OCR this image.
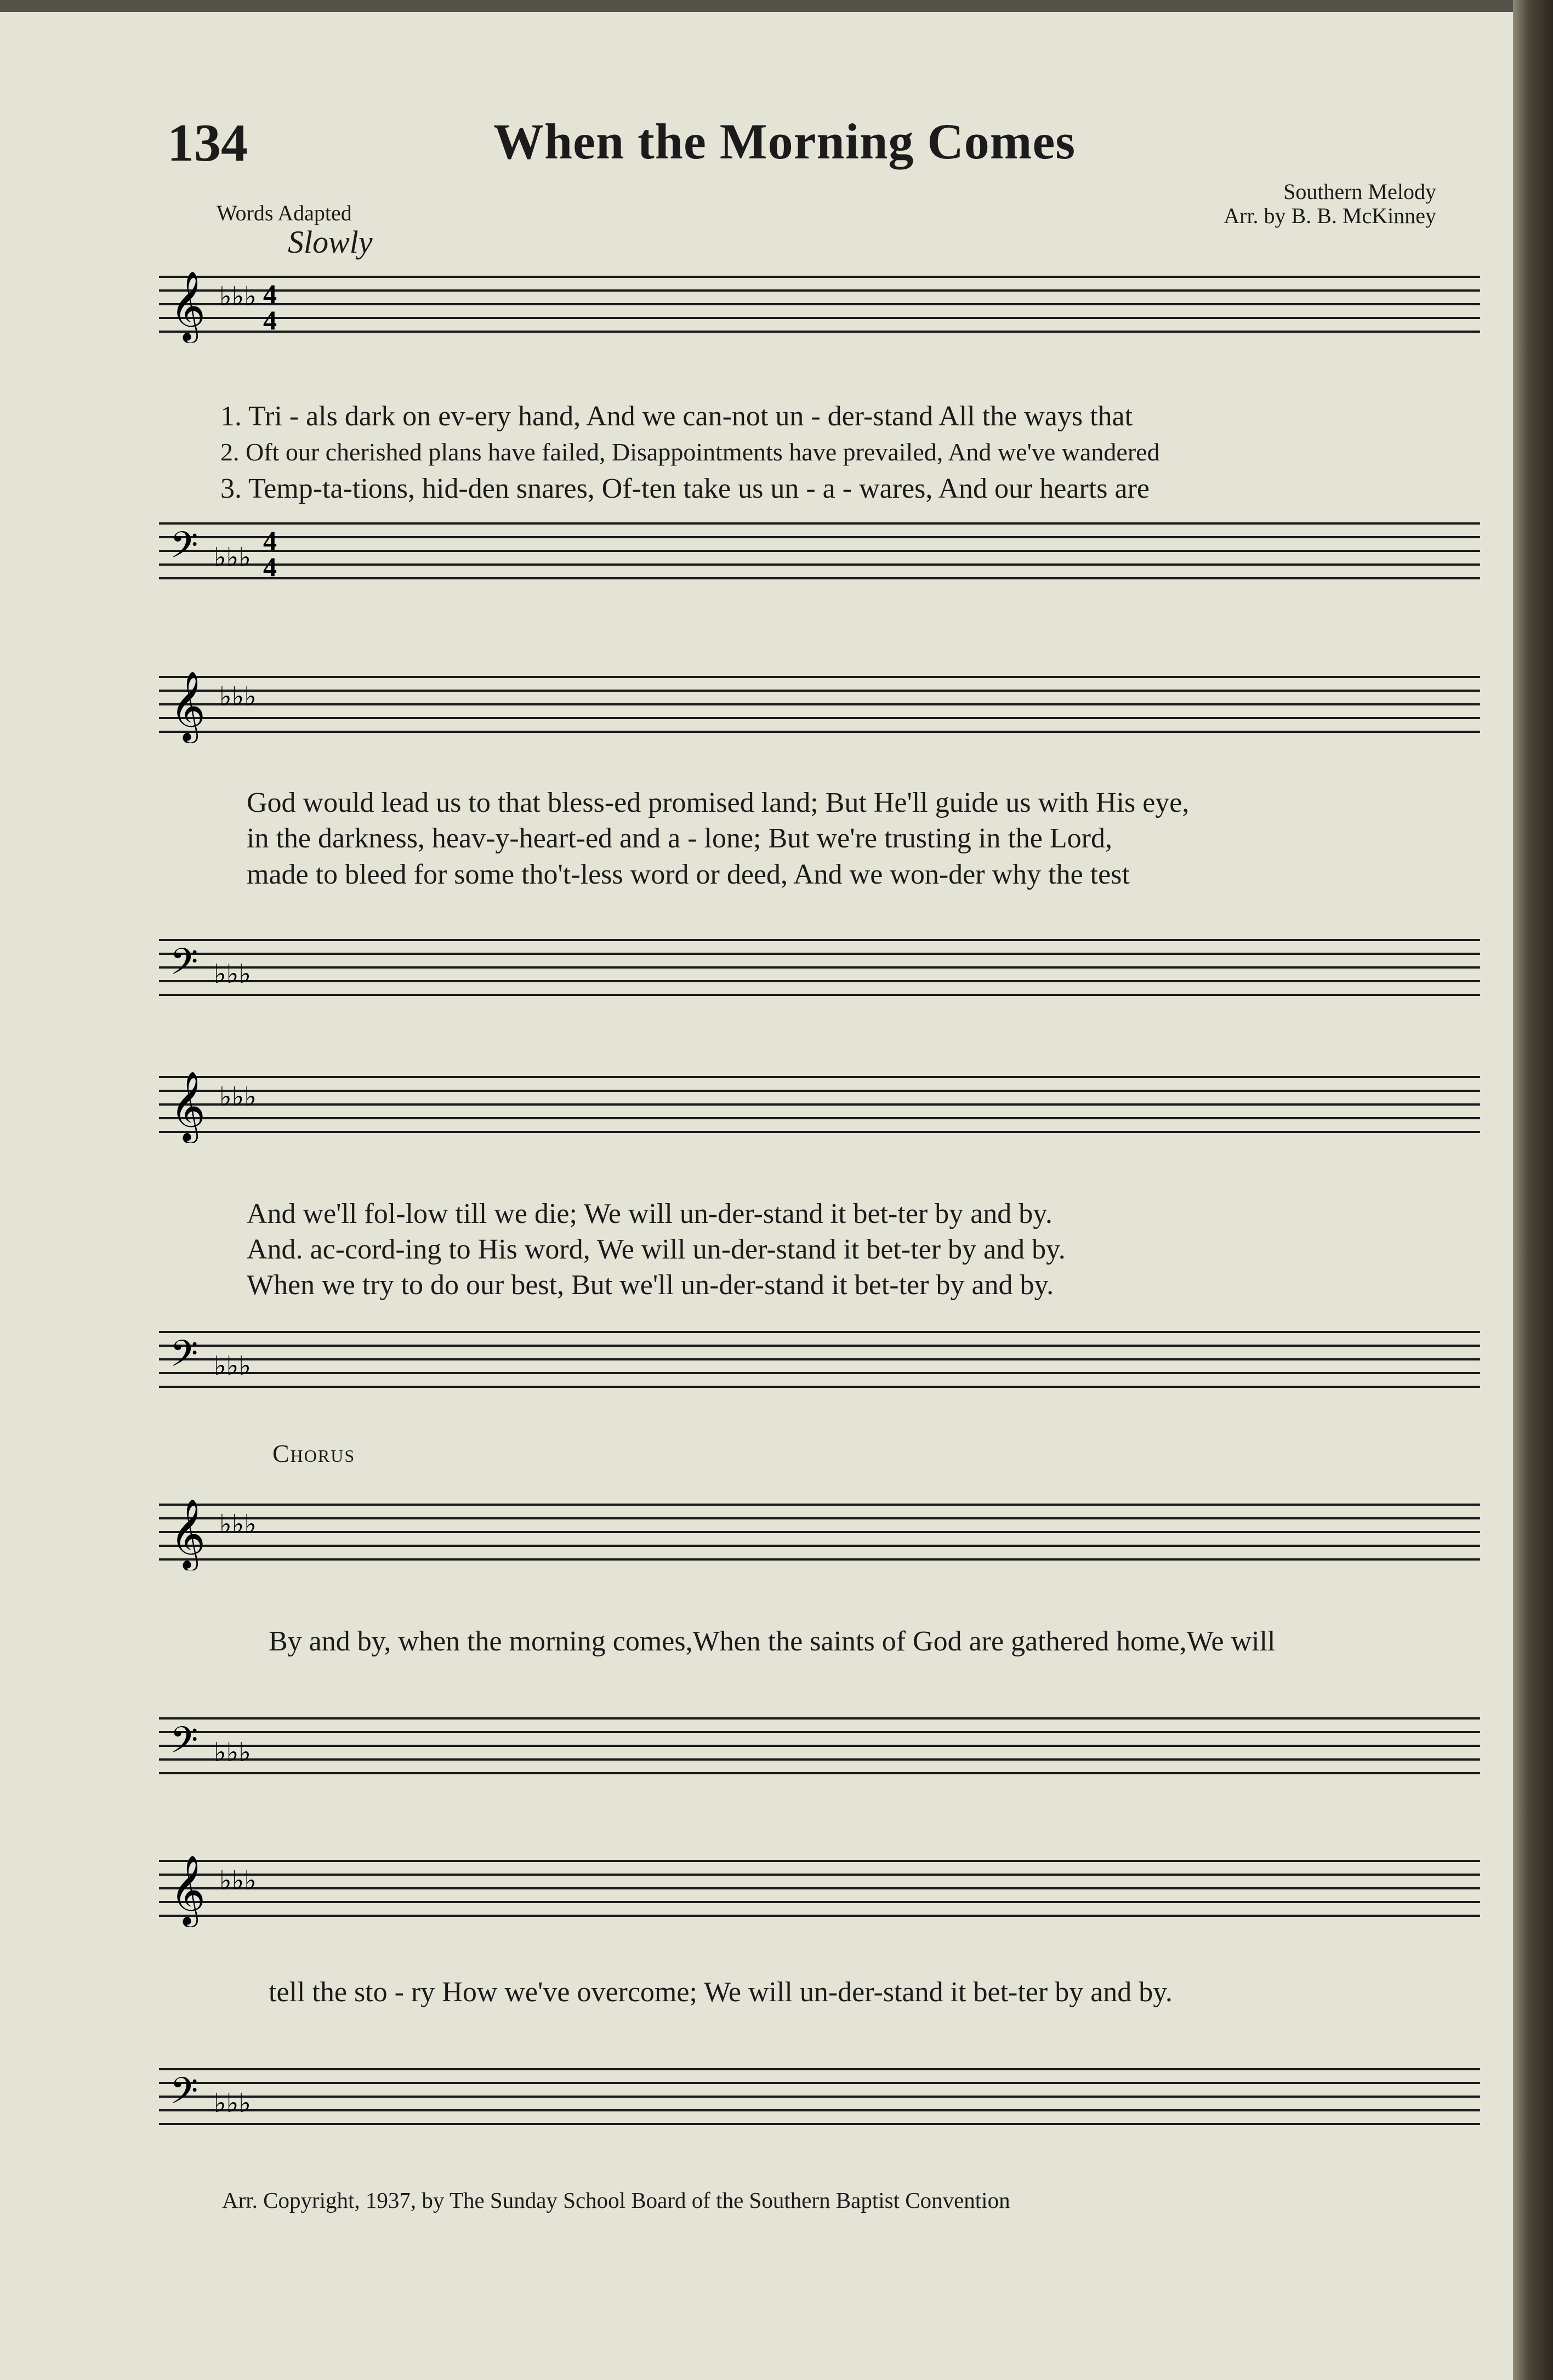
134	When the Morning Comes
Words Adapted
Southern Melody
Arr. by B. B. McKinney
Slowly
𝄞 ♭♭♭ 4
4
1. Tri - als dark on ev-ery hand, And we can-not un - der-stand All the ways that
2. Oft our cherished plans have failed, Disappointments have prevailed, And we've wandered
3. Temp-ta-tions, hid-den snares, Of-ten take us un - a - wares, And our hearts are
𝄢 ♭♭♭
4
4
𝄞 ♭♭♭
God would lead us to that bless-ed promised land; But He'll guide us with His eye,
in the darkness, heav-y-heart-ed and a - lone; But we're trusting in the Lord,
made to bleed for some tho't-less word or deed, And we won-der why the test
𝄢 ♭♭♭
𝄞 ♭♭♭
And we'll fol-low till we die; We will un-der-stand it bet-ter by and by.
And. ac-cord-ing to His word, We will un-der-stand it bet-ter by and by.
When we try to do our best, But we'll un-der-stand it bet-ter by and by.
𝄢 ♭♭♭
Chorus
𝄞 ♭♭♭
By and by, when the morning comes,When the saints of God are gathered home,We will
𝄢 ♭♭♭
𝄞 ♭♭♭
tell the sto - ry How we've overcome; We will un-der-stand it bet-ter by and by.
𝄢 ♭♭♭
Arr. Copyright, 1937, by The Sunday School Board of the Southern Baptist Convention
